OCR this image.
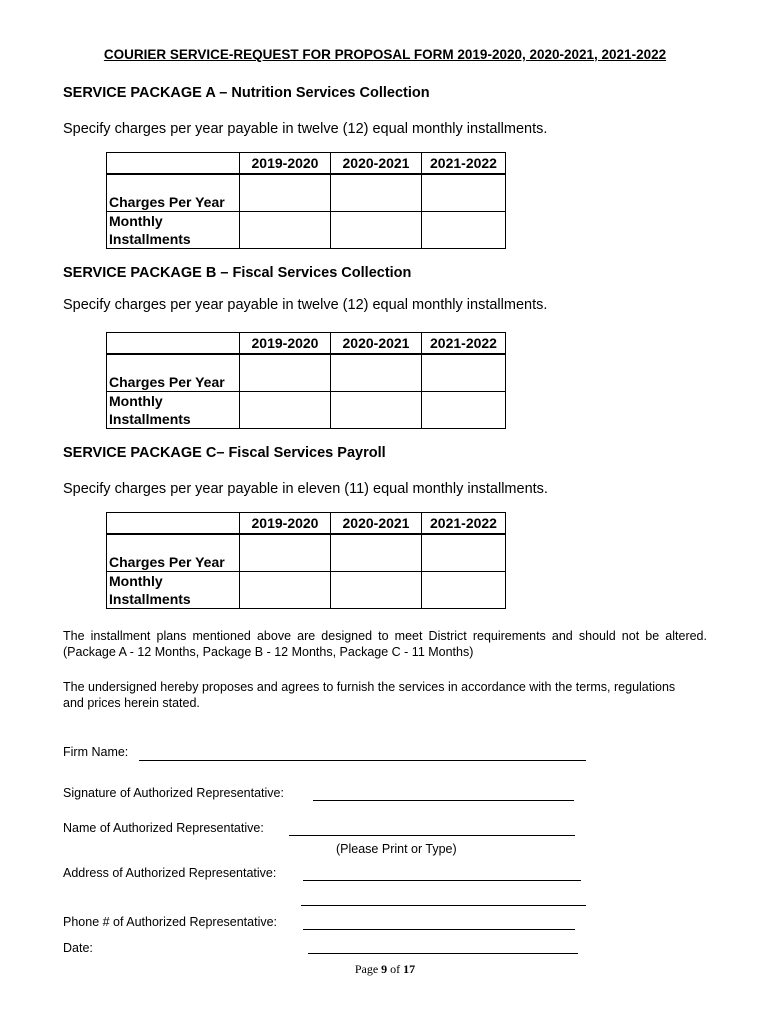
COURIER SERVICE-REQUEST FOR PROPOSAL FORM 2019-2020, 2020-2021, 2021-2022
SERVICE PACKAGE A – Nutrition Services Collection
Specify charges per year payable in twelve (12) equal monthly installments.
	2019-2020	2020-2021	2021-2022
Charges Per Year			
Monthly Installments			
SERVICE PACKAGE B – Fiscal Services Collection
Specify charges per year payable in twelve (12) equal monthly installments.
	2019-2020	2020-2021	2021-2022
Charges Per Year			
Monthly Installments			
SERVICE PACKAGE C– Fiscal Services Payroll
Specify charges per year payable in eleven (11) equal monthly installments.
	2019-2020	2020-2021	2021-2022
Charges Per Year			
Monthly Installments			
The installment plans mentioned above are designed to meet District requirements and should not be altered. (Package A - 12 Months, Package B - 12 Months, Package C - 11 Months)
The undersigned hereby proposes and agrees to furnish the services in accordance with the terms, regulations and prices herein stated.
Firm Name:
Signature of Authorized Representative:
Name of Authorized Representative:
(Please Print or Type)
Address of Authorized Representative:
Phone # of Authorized Representative:
Date:
Page 9 of 17
